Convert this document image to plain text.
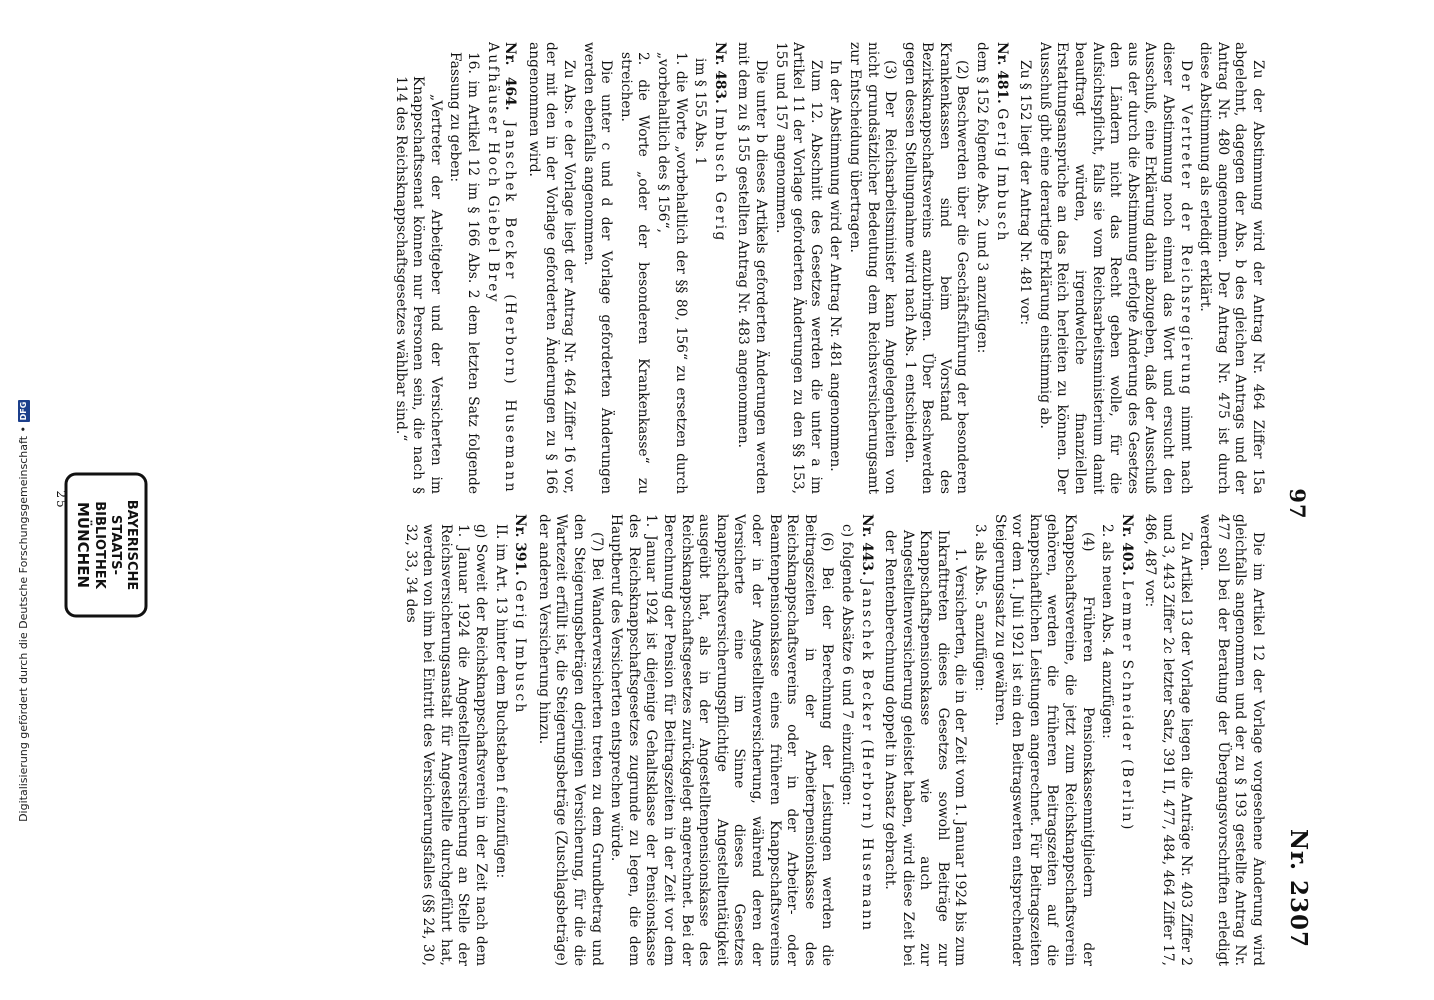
97
Nr. 2307

Zu der Abstimmung wird der Antrag Nr. 464 Ziffer 15a abgelehnt, dagegen der Abs. b des gleichen Antrags und der Antrag Nr. 480 angenommen. Der Antrag Nr. 475 ist durch diese Abstimmung als erledigt erklärt.

Der Vertreter der Reichsregierung nimmt nach dieser Abstimmung noch einmal das Wort und ersucht den Ausschuß, eine Erklärung dahin abzugeben, daß der Ausschuß aus der durch die Abstimmung erfolgte Änderung des Gesetzes den Ländern nicht das Recht geben wolle, für die Aufsichtspflicht, falls sie vom Reichsarbeitsministerium damit beauftragt würden, irgendwelche finanziellen Erstattungsansprüche an das Reich herleiten zu können. Der Ausschuß gibt eine derartige Erklärung einstimmig ab.

Zu § 152 liegt der Antrag Nr. 481 vor:

Nr. 481. Gerig Imbusch

dem § 152 folgende Abs. 2 und 3 anzufügen:

(2) Beschwerden über die Geschäftsführung der besonderen Krankenkassen sind beim Vorstand des Bezirksknappschaftsvereins anzubringen. Über Beschwerden gegen dessen Stellungnahme wird nach Abs. 1 entschieden.

(3) Der Reichsarbeitsminister kann Angelegenheiten von nicht grundsätzlicher Bedeutung dem Reichsversicherungsamt zur Entscheidung übertragen.

In der Abstimmung wird der Antrag Nr. 481 angenommen.

Zum 12. Abschnitt des Gesetzes werden die unter a im Artikel 11 der Vorlage geforderten Änderungen zu den §§ 153, 155 und 157 angenommen.

Die unter b dieses Artikels geforderten Änderungen werden mit dem zu § 155 gestellten Antrag Nr. 483 angenommen.

Nr. 483. Imbusch Gerig

im § 155 Abs. 1

1. die Worte „vorbehaltlich der §§ 80, 156“ zu ersetzen durch „vorbehaltlich des § 156“,

2. die Worte „oder der besonderen Krankenkasse“ zu streichen.

Die unter c und d der Vorlage geforderten Änderungen werden ebenfalls angenommen.

Zu Abs. e der Vorlage liegt der Antrag Nr. 464 Ziffer 16 vor, der mit den in der Vorlage geforderten Änderungen zu § 166 angenommen wird.

Nr. 464. Janschek Becker (Herborn) Husemann Aufhäuser Hoch Giebel Brey

16. im Artikel 12 im § 166 Abs. 2 dem letzten Satz folgende Fassung zu geben:

„Vertreter der Arbeitgeber und der Versicherten im Knappschaftssenat können nur Personen sein, die nach § 114 des Reichsknappschaftsgesetzes wählbar sind.“

Die im Artikel 12 der Vorlage vorgesehene Änderung wird gleichfalls angenommen und der zu § 193 gestellte Antrag Nr. 477 soll bei der Beratung der Übergangsvorschriften erledigt werden.

Zu Artikel 13 der Vorlage liegen die Anträge Nr. 403 Ziffer 2 und 3, 443 Ziffer 2c letzter Satz, 391 II, 477, 484, 464 Ziffer 17, 486, 487 vor:

Nr. 403. Lemmer Schneider (Berlin)

2. als neuen Abs. 4 anzufügen:

(4) Früheren Pensionskassenmitgliedern der Knappschaftsvereine, die jetzt zum Reichsknappschaftsverein gehören, werden die früheren Beitragszeiten auf die knappschaftlichen Leistungen angerechnet. Für Beitragszeiten vor dem 1. Juli 1921 ist ein den Beitragswerten entsprechender Steigerungssatz zu gewähren.

3. als Abs. 5 anzufügen:

1. Versicherten, die in der Zeit vom 1. Januar 1924 bis zum Inkrafttreten dieses Gesetzes sowohl Beiträge zur Knappschaftspensionskasse wie auch zur Angestelltenversicherung geleistet haben, wird diese Zeit bei der Rentenberechnung doppelt in Ansatz gebracht.

Nr. 443. Janschek Becker (Herborn) Husemann

c) folgende Absätze 6 und 7 einzufügen:

(6) Bei der Berechnung der Leistungen werden die Beitragszeiten in der Arbeiterpensionskasse des Reichsknappschaftsvereins oder in der Arbeiter- oder Beamtenpensionskasse eines früheren Knappschaftsvereins oder in der Angestelltenversicherung, während deren der Versicherte eine im Sinne dieses Gesetzes knappschaftsversicherungspflichtige Angestelltentätigkeit ausgeübt hat, als in der Angestelltenpensionskasse des Reichsknappschaftsgesetzes zurückgelegt angerechnet. Bei der Berechnung der Pension für Beitragszeiten in der Zeit vor dem 1. Januar 1924 ist diejenige Gehaltsklasse der Pensionskasse des Reichsknappschaftsgesetzes zugrunde zu legen, die dem Hauptberuf des Versicherten entsprechen würde.

(7) Bei Wanderversicherten treten zu dem Grundbetrag und den Steigerungsbeträgen derjenigen Versicherung, für die die Wartezeit erfüllt ist, die Steigerungsbeträge (Zuschlagsbeträge) der anderen Versicherung hinzu.

Nr. 391. Gerig Imbusch

II. im Art. 13 hinter dem Buchstaben f einzufügen:

g) Soweit der Reichsknappschaftsverein in der Zeit nach dem 1. Januar 1924 die Angestelltenversicherung an Stelle der Reichsversicherungsanstalt für Angestellte durchgeführt hat, werden von ihm bei Eintritt des Versicherungsfalles (§§ 24, 30, 32, 33, 34 des

25	BAYERISCHE
STAATS-
BIBLIOTHEK
MÜNCHEN
Digitalisierung gefördert durch die Deutsche Forschungsgemeinschaft •
DFG
